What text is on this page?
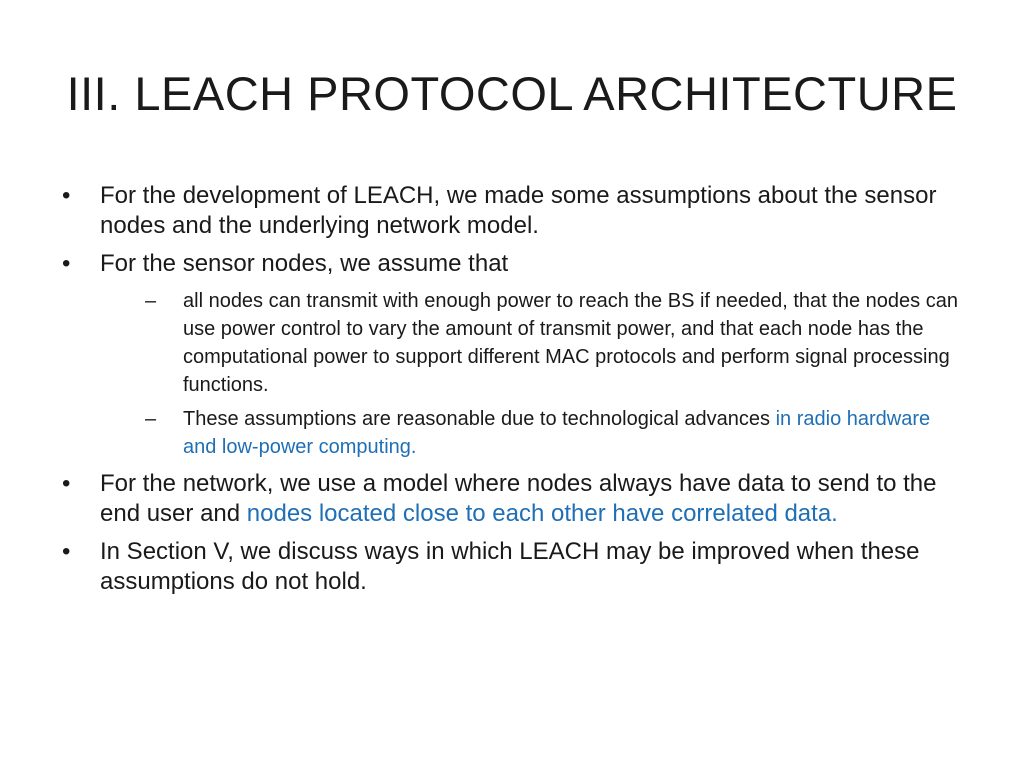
III. LEACH PROTOCOL ARCHITECTURE
•	For the development of LEACH, we made some assumptions about the sensor nodes and the underlying network model.
•	For the sensor nodes, we assume that
–	all nodes can transmit with enough power to reach the BS if needed, that the nodes can use power control to vary the amount of transmit power, and that each node has the computational power to support different MAC protocols and perform signal processing functions.
–	These assumptions are reasonable due to technological advances in radio hardware and low-power computing.
•	For the network, we use a model where nodes always have data to send to the end user and nodes located close to each other have correlated data.
•	In Section V, we discuss ways in which LEACH may be improved when these assumptions do not hold.
